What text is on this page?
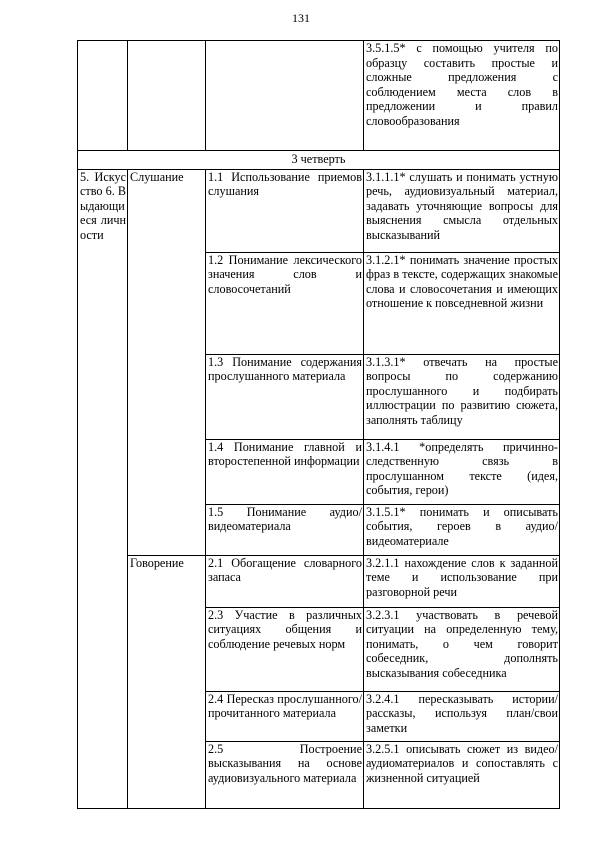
131
			3.5.1.5* с помощью учителя по образцу составить простые и сложные предложения с соблюдением места слов в предложении и правил словообразования
3 четверть			
5. Искусство 6. Выдающиеся личности	Слушание	1.1 Использование приемов слушания	3.1.1.1* слушать и понимать устную речь, аудиовизуальный материал, задавать уточняющие вопросы для выяснения смысла отдельных высказываний
		1.2 Понимание лексического значения слов и словосочетаний	3.1.2.1* понимать значение простых фраз в тексте, содержащих знакомые слова и словосочетания и имеющих отношение к повседневной жизни
		1.3 Понимание содержания прослушанного материала	3.1.3.1* отвечать на простые вопросы по содержанию прослушанного и подбирать иллюстрации по развитию сюжета, заполнять таблицу
		1.4 Понимание главной и второстепенной информации	3.1.4.1 *определять причинно-следственную связь в прослушанном тексте (идея, события, герои)
		1.5 Понимание аудио/видеоматериала	3.1.5.1* понимать и описывать события, героев в аудио/видеоматериале
	Говорение	2.1 Обогащение словарного запаса	3.2.1.1 нахождение слов к заданной теме и использование при разговорной речи
		2.3 Участие в различных ситуациях общения и соблюдение речевых норм	3.2.3.1 участвовать в речевой ситуации на определенную тему, понимать, о чем говорит собеседник, дополнять высказывания собеседника
		2.4 Пересказ прослушанного/прочитанного материала	3.2.4.1 пересказывать истории/рассказы, используя план/свои заметки
		2.5 Построение высказывания на основе аудиовизуального материала	3.2.5.1 описывать сюжет из видео/ аудиоматериалов и сопоставлять с жизненной ситуацией
